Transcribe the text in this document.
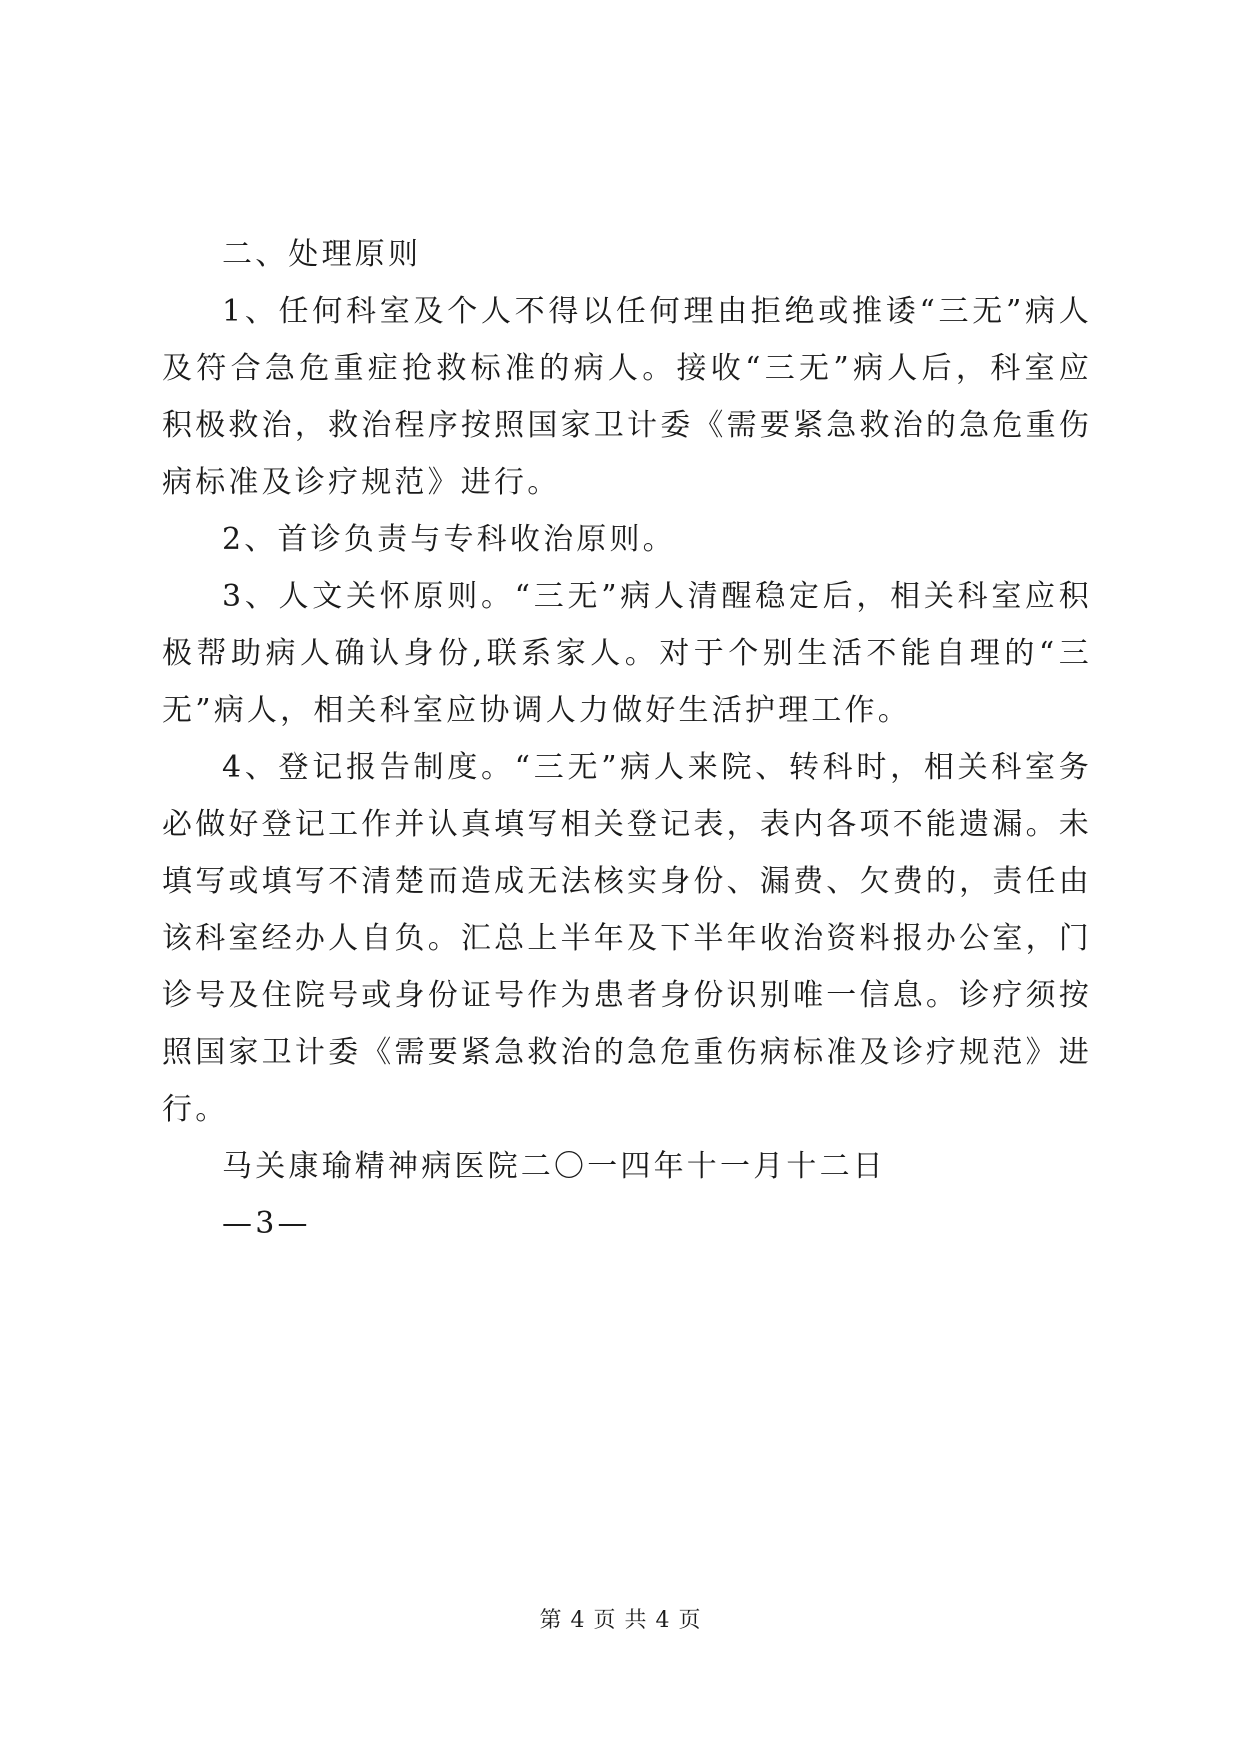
二、处理原则

1、任何科室及个人不得以任何理由拒绝或推诿“三无”病人及符合急危重症抢救标准的病人。接收“三无”病人后，科室应积极救治，救治程序按照国家卫计委《需要紧急救治的急危重伤病标准及诊疗规范》进行。

2、首诊负责与专科收治原则。

3、人文关怀原则。“三无”病人清醒稳定后，相关科室应积极帮助病人确认身份,联系家人。对于个别生活不能自理的“三无”病人，相关科室应协调人力做好生活护理工作。

4、登记报告制度。“三无”病人来院、转科时，相关科室务必做好登记工作并认真填写相关登记表，表内各项不能遗漏。未填写或填写不清楚而造成无法核实身份、漏费、欠费的，责任由该科室经办人自负。汇总上半年及下半年收治资料报办公室，门诊号及住院号或身份证号作为患者身份识别唯一信息。诊疗须按照国家卫计委《需要紧急救治的急危重伤病标准及诊疗规范》进行。

马关康瑜精神病医院二〇一四年十一月十二日

—3—

第 4 页 共 4 页
